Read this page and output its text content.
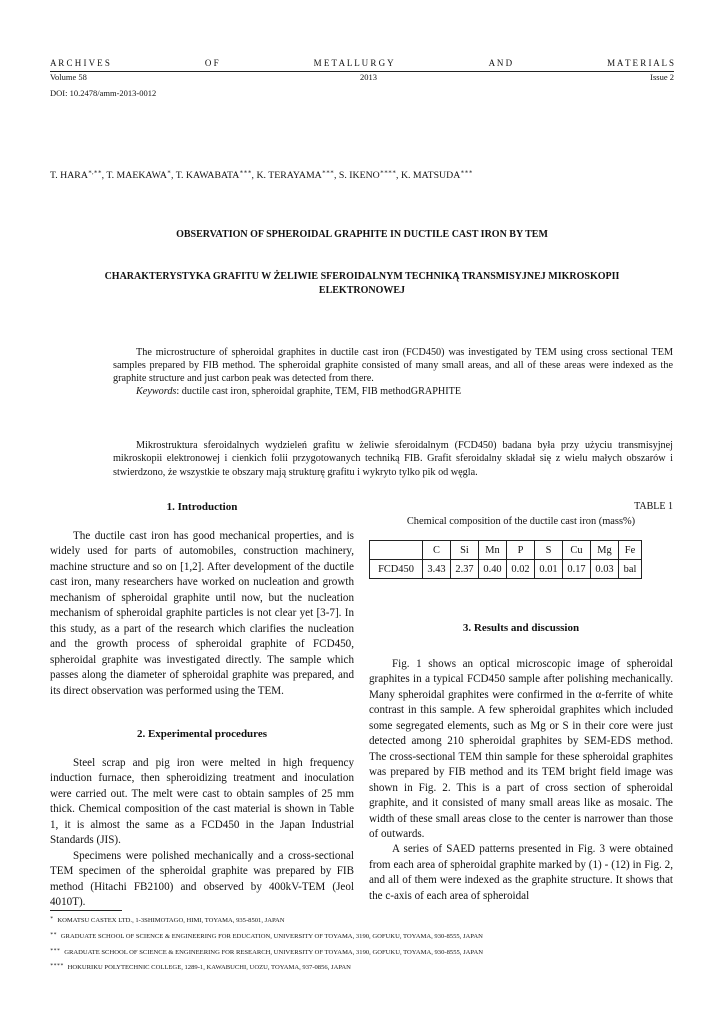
A R C H I V E S	O F	M E T A L L U R G Y	A N D	M A T E R I A L S
Volume 58	2013	Issue 2
DOI: 10.2478/amm-2013-0012
T. HARA∗,∗∗, T. MAEKAWA∗, T. KAWABATA∗∗∗, K. TERAYAMA∗∗∗, S. IKENO∗∗∗∗, K. MATSUDA∗∗∗
OBSERVATION OF SPHEROIDAL GRAPHITE IN DUCTILE CAST IRON BY TEM
CHARAKTERYSTYKA GRAFITU W ŻELIWIE SFEROIDALNYM TECHNIKĄ TRANSMISYJNEJ MIKROSKOPII ELEKTRONOWEJ

The microstructure of spheroidal graphites in ductile cast iron (FCD450) was investigated by TEM using cross sectional TEM samples prepared by FIB method. The spheroidal graphite consisted of many small areas, and all of these areas were indexed as the graphite structure and just carbon peak was detected from there.

Keywords: ductile cast iron, spheroidal graphite, TEM, FIB methodGRAPHITE

Mikrostruktura sferoidalnych wydzieleń grafitu w żeliwie sferoidalnym (FCD450) badana była przy użyciu transmisyjnej mikroskopii elektronowej i cienkich folii przygotowanych techniką FIB. Grafit sferoidalny składał się z wielu małych obszarów i stwierdzono, że wszystkie te obszary mają strukturę grafitu i wykryto tylko pik od węgla.

1. Introduction

The ductile cast iron has good mechanical properties, and is widely used for parts of automobiles, construction machinery, machine structure and so on [1,2]. After development of the ductile cast iron, many researchers have worked on nucleation and growth mechanism of spheroidal graphite until now, but the nucleation mechanism of spheroidal graphite particles is not clear yet [3-7]. In this study, as a part of the research which clarifies the nucleation and the growth process of spheroidal graphite of FCD450, spheroidal graphite was investigated directly. The sample which passes along the diameter of spheroidal graphite was prepared, and its direct observation was performed using the TEM.

2. Experimental procedures

Steel scrap and pig iron were melted in high frequency induction furnace, then spheroidizing treatment and inoculation were carried out. The melt were cast to obtain samples of 25 mm thick. Chemical composition of the cast material is shown in Table 1, it is almost the same as a FCD450 in the Japan Industrial Standards (JIS).

Specimens were polished mechanically and a cross-sectional TEM specimen of the spheroidal graphite was prepared by FIB method (Hitachi FB2100) and observed by 400kV-TEM (Jeol 4010T).

TABLE 1
Chemical composition of the ductile cast iron (mass%)
	C	Si	Mn	P	S	Cu	Mg	Fe
FCD450	3.43	2.37	0.40	0.02	0.01	0.17	0.03	bal
3. Results and discussion

Fig. 1 shows an optical microscopic image of spheroidal graphites in a typical FCD450 sample after polishing mechanically. Many spheroidal graphites were confirmed in the α-ferrite of white contrast in this sample. A few spheroidal graphites which included some segregated elements, such as Mg or S in their core were just detected among 210 spheroidal graphites by SEM-EDS method. The cross-sectional TEM thin sample for these spheroidal graphites was prepared by FIB method and its TEM bright field image was shown in Fig. 2. This is a part of cross section of spheroidal graphite, and it consisted of many small areas like as mosaic. The width of these small areas close to the center is narrower than those of outwards.

A series of SAED patterns presented in Fig. 3 were obtained from each area of spheroidal graphite marked by (1) - (12) in Fig. 2, and all of them were indexed as the graphite structure. It shows that the c-axis of each area of spheroidal

∗ KOMATSU CASTEX LTD., 1-3SHIMOTAGO, HIMI, TOYAMA, 935-8501, JAPAN
∗∗ GRADUATE SCHOOL OF SCIENCE & ENGINEERING FOR EDUCATION, UNIVERSITY OF TOYAMA, 3190, GOFUKU, TOYAMA, 930-8555, JAPAN
∗∗∗ GRADUATE SCHOOL OF SCIENCE & ENGINEERING FOR RESEARCH, UNIVERSITY OF TOYAMA, 3190, GOFUKU, TOYAMA, 930-8555, JAPAN
∗∗∗∗ HOKURIKU POLYTECHNIC COLLEGE, 1289-1, KAWABUCHI, UOZU, TOYAMA, 937-0856, JAPAN
